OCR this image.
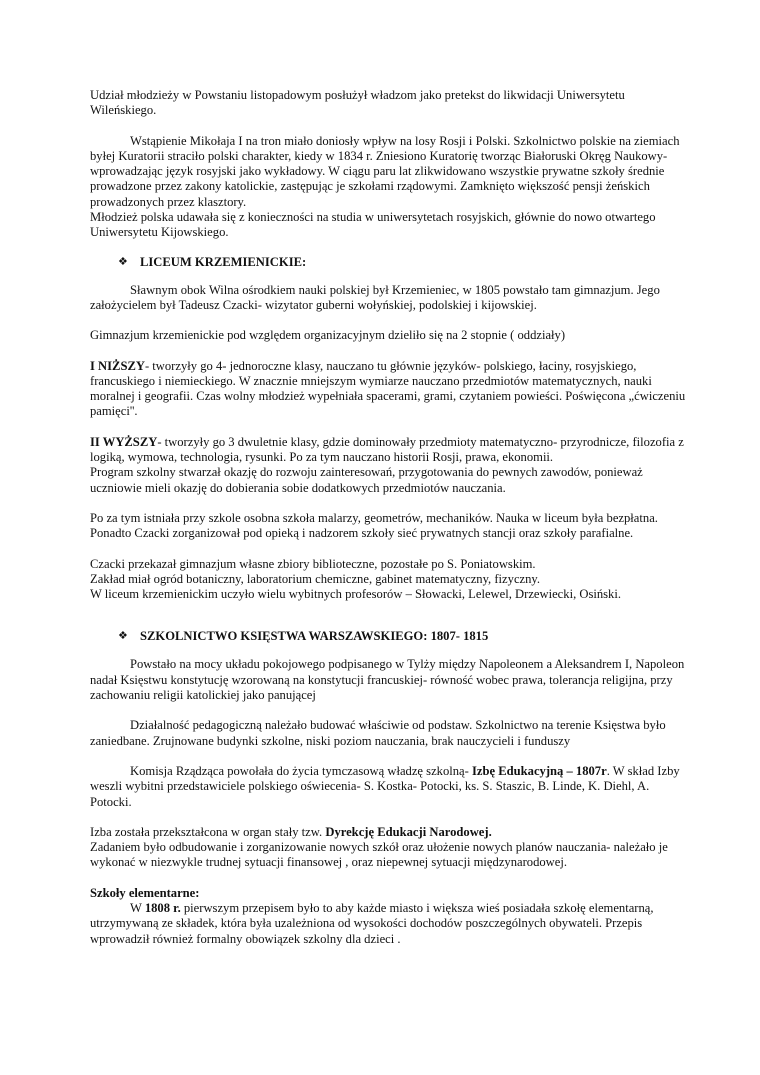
Udział młodzieży w Powstaniu listopadowym posłużył władzom jako pretekst do likwidacji Uniwersytetu Wileńskiego.

Wstąpienie Mikołaja I na tron miało doniosły wpływ na losy Rosji i Polski. Szkolnictwo polskie na ziemiach byłej Kuratorii straciło polski charakter, kiedy w 1834 r. Zniesiono Kuratorię tworząc Białoruski Okręg Naukowy- wprowadzając język rosyjski jako wykładowy. W ciągu paru lat zlikwidowano wszystkie prywatne szkoły średnie prowadzone przez zakony katolickie, zastępując je szkołami rządowymi. Zamknięto większość pensji żeńskich prowadzonych przez klasztory.

Młodzież polska udawała się z konieczności na studia w uniwersytetach rosyjskich, głównie do nowo otwartego Uniwersytetu Kijowskiego.

❖ LICEUM KRZEMIENICKIE:

Sławnym obok Wilna ośrodkiem nauki polskiej był Krzemieniec, w 1805 powstało tam gimnazjum. Jego założycielem był Tadeusz Czacki- wizytator guberni wołyńskiej, podolskiej i kijowskiej.

Gimnazjum krzemienickie pod względem organizacyjnym dzieliło się na 2 stopnie ( oddziały)

I NIŻSZY- tworzyły go 4- jednoroczne klasy, nauczano tu głównie języków- polskiego, łaciny, rosyjskiego, francuskiego i niemieckiego. W znacznie mniejszym wymiarze nauczano przedmiotów matematycznych, nauki moralnej i geografii. Czas wolny młodzież wypełniała spacerami, grami, czytaniem powieści. Poświęcona „ćwiczeniu pamięci''.

II WYŻSZY- tworzyły go 3 dwuletnie klasy, gdzie dominowały przedmioty matematyczno- przyrodnicze, filozofia z logiką, wymowa, technologia, rysunki. Po za tym nauczano historii Rosji, prawa, ekonomii.

Program szkolny stwarzał okazję do rozwoju zainteresowań, przygotowania do pewnych zawodów, ponieważ uczniowie mieli okazję do dobierania sobie dodatkowych przedmiotów nauczania.

Po za tym istniała przy szkole osobna szkoła malarzy, geometrów, mechaników. Nauka w liceum była bezpłatna. Ponadto Czacki zorganizował pod opieką i nadzorem szkoły sieć prywatnych stancji oraz szkoły parafialne.

Czacki przekazał gimnazjum własne zbiory biblioteczne, pozostałe po S. Poniatowskim.

Zakład miał ogród botaniczny, laboratorium chemiczne, gabinet matematyczny, fizyczny.

W liceum krzemienickim uczyło wielu wybitnych profesorów – Słowacki, Lelewel, Drzewiecki, Osiński.

❖ SZKOLNICTWO KSIĘSTWA WARSZAWSKIEGO: 1807- 1815

Powstało na mocy układu pokojowego podpisanego w Tylży między Napoleonem a Aleksandrem I, Napoleon nadał Księstwu konstytucję wzorowaną na konstytucji francuskiej- równość wobec prawa, tolerancja religijna, przy zachowaniu religii katolickiej jako panującej

Działalność pedagogiczną należało budować właściwie od podstaw. Szkolnictwo na terenie Księstwa było zaniedbane. Zrujnowane budynki szkolne, niski poziom nauczania, brak nauczycieli i funduszy

Komisja Rządząca powołała do życia tymczasową władzę szkolną- Izbę Edukacyjną – 1807r. W skład Izby weszli wybitni przedstawiciele polskiego oświecenia- S. Kostka- Potocki, ks. S. Staszic, B. Linde, K. Diehl, A. Potocki.

Izba została przekształcona w organ stały tzw. Dyrekcję Edukacji Narodowej.

Zadaniem było odbudowanie i zorganizowanie nowych szkół oraz ułożenie nowych planów nauczania- należało je wykonać w niezwykle trudnej sytuacji finansowej , oraz niepewnej sytuacji międzynarodowej.

Szkoły elementarne:

W 1808 r. pierwszym przepisem było to aby każde miasto i większa wieś posiadała szkołę elementarną, utrzymywaną ze składek, która była uzależniona od wysokości dochodów poszczególnych obywateli. Przepis wprowadził również formalny obowiązek szkolny dla dzieci .
